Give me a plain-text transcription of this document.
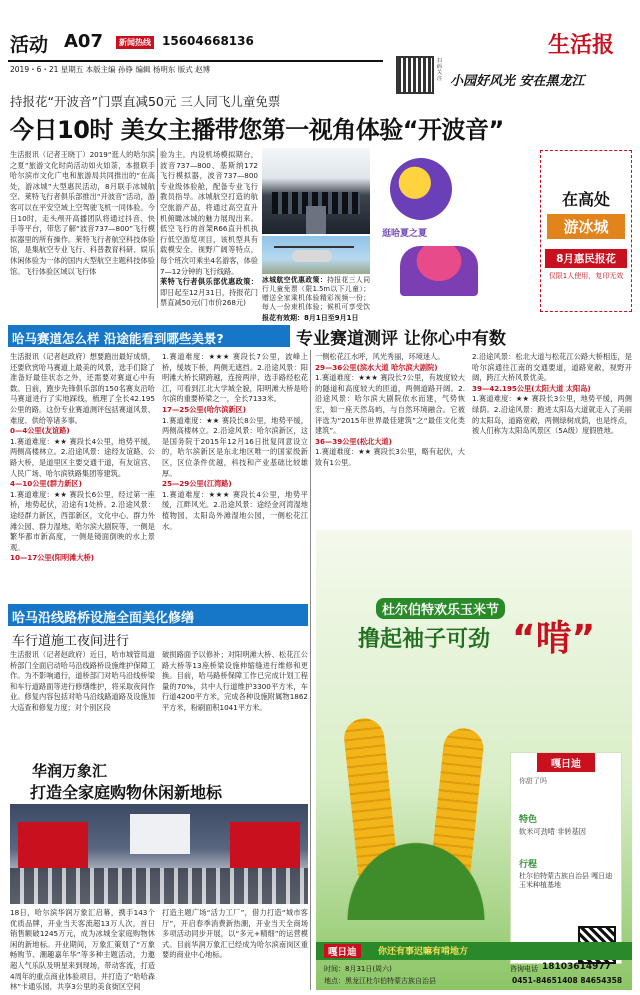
活动 A07	新闻热线 15604668136	生活报
2019・6・21 星期五 本版主编 孙铮 编辑 杨明东 版式 赵博
扫码关注 小园好风光 安在黑龙江
持报花“开波音”门票直减50元 三人同飞儿童免票
今日10时 美女主播带您第一视角体验“开波音”
生活报讯（记者王晓丁）2019“逛人的哈尔滨之夏”旅游文化时尚活动如火如荼，本报联手哈尔滨市文化广电和旅游局共同推出的“在高处，游冰城”大型惠民活动，8月联手冰城航空、莱特飞行者俱乐部推出“开波音”活动，游客可以在平安空域上空驾驶飞机一同体验。今日10时，走头颅开高播团队将通过抖音、快手等平台，带您了解“波音737—800”飞行模拟器里的所有操作。莱特飞行者航空科技体验馆，是集航空专业飞行、科普教育科研、娱乐休闲体验为一体的国内大型航空主题科技体验馆。飞行体验区域以飞行体
验为主，内设机场模拟期台，波音737—800、基斯纳172飞行模拟器，波音737—800专业级体验舱，配备专业飞行教员指导。冰城航空打造的航空旅游产品，将通过高空直升机俯瞰冰城的魅力展现出来。低空飞行的首架R66直升机执行低空游览项目，该机型具有载模安全、视野广阔等特点，每个班次可乘坐4名游客，体验7—12分钟的飞行线路。
莱特飞行者俱乐部优惠政策：即日起至12月31日，持报花门票直减50元(门市价268元)
冰城航空优惠政策：持报花三人同行儿童免票（限1.5m以下儿童）；赠送全家乘机体验精彩视频一份；每人一份束机体验；候机可享受饮
报花有效期：8月1日至9月1日
逛哈夏之夏
在高处
游冰城
8月惠民报花
仅限1人使用，复印无效
哈马赛道怎么样 沿途能看到哪些美景?	专业赛道测评 让你心中有数
生活报讯（记者赵政府）想要跑出最好成绩，还要欣赏哈马赛道上最美的风景，选手们除了准备好最佳状态之外，还需要对赛道心中有数。日前，跑步先锋俱乐部的150名赛友沿哈马赛道进行了实地踩线，梳理了全长42.195公里的路。这份专业赛道测评包括赛道风景、难度、供给等诸多事。
0—4公里(友谊路)
1.赛道难度：★★ 赛段长4公里，地势平缓，两侧高楼林立。2.沿途风景：途经友谊路、公路大桥，是道里区主要交通干道，有友谊宫、人民广场、哈尔滨铁路集团等建筑。
4—10公里(群力新区)
1.赛道难度：★★ 赛段长6公里，经过第一座桥，地势起伏，沿途有1处桥。2.沿途风景：途经群力新区，西部新区，文化中心、群力外滩公园、群力湿地，哈尔滨大剧院等，一侧是繁华都市新高度，一侧是镜面倒映的水上景观。
10—17公里(阳明滩大桥)
1.赛道难度：★★★ 赛段长7公里，波峰上桥，缓坡下桥，两侧无遮挡。2.沿途风景：阳明滩大桥长期跨越，连接两岸，选手路经松花江，可看到江北大学城全貌，阳明滩大桥是哈尔滨的重要桥梁之一，全长7133米。
17—25公里(哈尔滨新区)
1.赛道难度：★★ 赛段长8公里，地势平缓，两侧高楼林立。2.沿途风景：哈尔滨新区，这是国务院于2015年12月16日批复同意设立的，哈尔滨新区是东北地区唯一的国家级新区，区位条件优越，科技和产业基础比较雄厚。
25—29公里(江湾路)
1.赛道难度：★★★ 赛段长4公里，地势平缓，江畔风光。2.沿途风景：途经金河湾湿地植物园、太阳岛外滩湿地公园，一侧松花江水。
一侧松花江水呼，风光秀丽，环境迷人。
29—36公里(滨水大道 哈尔滨大剧院)
1.赛道难度：★★★ 赛段长7公里，有坡度较大的隧道和高度较大的匝道，两侧道路开阔。2.沿途风景：哈尔滨大剧院依水而建，气势恢宏，如一座天然岛屿，与自然环境融合。它被评选为“2015年世界最佳建筑”之“最佳文化类建筑”。
36—39公里(松北大道)
1.赛道难度：★★ 赛段长3公里，略有起伏，大致有1公里。
2.沿途风景：松北大道与松花江公路大桥相连，是哈尔滨通往江南的交通要道，道路宽敞，视野开阔，跨江大桥风景优美。
39—42.195公里(太阳大道 太阳岛)
1.赛道难度：★★ 赛段长3公里，地势平缓，两侧绿荫。2.沿途风景：跑进太阳岛大道就走入了美丽的太阳岛，道路宽敞，两侧绿树成荫，也是终点，被人们称为太阳岛风景区（5A级）度假胜地。
哈马沿线路桥设施全面美化修缮
车行道施工夜间进行
生活报讯（记者赵政府）近日，哈市城管局道桥部门全面启动哈马沿线路桥设施维护保障工作。为不影响通行，道桥部门对哈马沿线桥梁和车行道路面等进行修缮维护，将采取夜间作业。修复内容包括对哈马沿线路道路及设施加大巡查和修复力度；对个别区段
破损路面予以修补；对阳明滩大桥、松花江公路大桥等13座桥梁设施伸缩缝进行维修和更换。目前，哈马路桥保障工作已完成计划工程量的70%，共中人行道维护3300平方米，车行道4200平方米，完成各种设施附属物1862平方米，粉刷面积1041平方米。
华润万象汇
打造全家庭购物休闲新地标
18日，哈尔滨华润万象汇启幕，携手143个优质品牌，开业当天客流超13万人次，首日销售额破1245万元，成为冰城全家庭购物休闲的新地标。开业期间，万象汇策划了“万象畅购节、潮趣嘉年华”等多种主题活动，力邀超人气乐队及明星来到现场，带动客流，打造4周年的重点商业体验项目，并打造了“哈哈森林”卡通乐园，共享3公里的美食街区空间
打造主题广场“活力工厂”，借力打造“城市客厅”，开启春季消费新热潮，开业当天全商场多项活动同步开展，以“多元+精细”的运营模式。目前华润万象汇已经成为哈尔滨南岗区重要的商业中心地标。
杜尔伯特欢乐玉米节
撸起袖子可劲 “啃”
嘎日迪
你甜了吗
特色
软米可劲啃 非转基因
行程
杜尔伯特蒙古族自治县 嘎日迪玉米种植基地
嘎日迪	你还有事迟嘛有啃地方
时间：8月31日(周六)
地点：黑龙江杜尔伯特蒙古族自治县
咨询电话 18103614977
0451-84651408 84654358
